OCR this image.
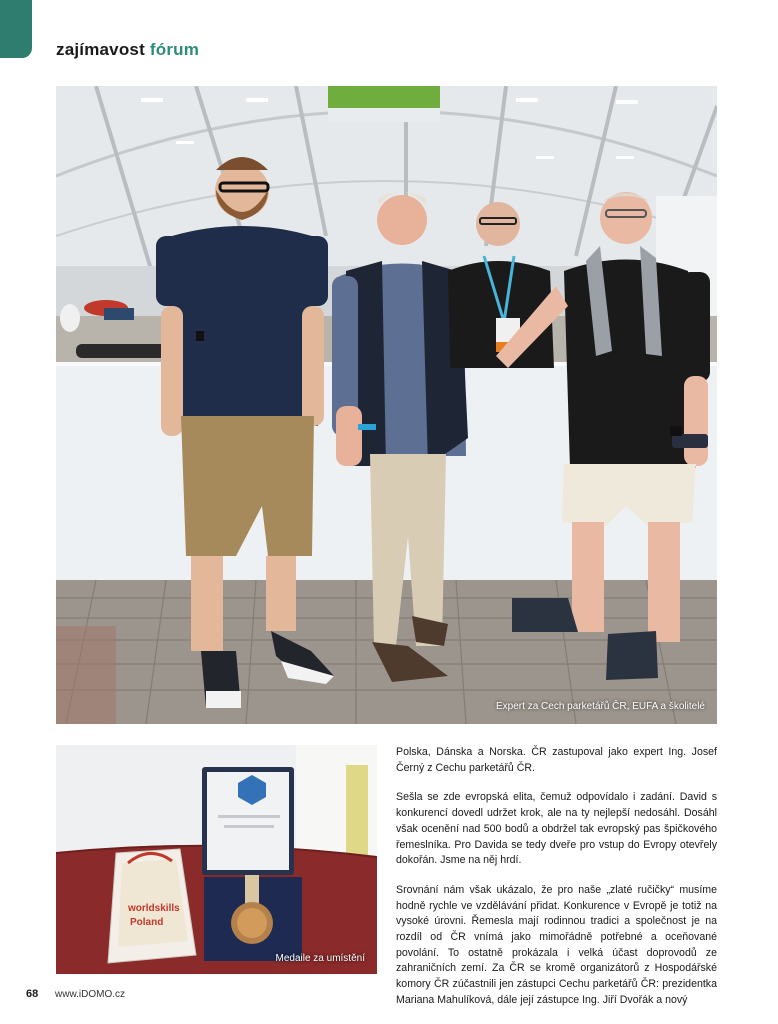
zajímavost fórum
Expert za Cech parketářů ČR, EUFA a školitelé
worldskills
Poland
Medaile za umístění

Polska, Dánska a Norska. ČR zastupoval jako expert Ing. Josef Černý z Cechu parketářů ČR.

Sešla se zde evropská elita, čemuž odpovídalo i zadání. David s konkurencí dovedl udržet krok, ale na ty nejlepší nedosáhl. Dosáhl však ocenění nad 500 bodů a obdržel tak evropský pas špičkového řemeslníka. Pro Davida se tedy dveře pro vstup do Evropy otevřely dokořán. Jsme na něj hrdí.

Srovnání nám však ukázalo, že pro naše „zlaté ručičky“ musíme hodně rychle ve vzdělávání přidat. Konkurence v Evropě je totiž na vysoké úrovni. Řemesla mají rodinnou tradici a společnost je na rozdíl od ČR vnímá jako mimořádně potřebné a oceňované povolání. To ostatně prokázala i velká účast doprovodů ze zahraničních zemí. Za ČR se kromě organizátorů z Hospodářské komory ČR zúčastnili jen zástupci Cechu parketářů ČR: prezidentka Mariana Mahulíková, dále její zástupce Ing. Jiří Dvořák a nový

68 www.iDOMO.cz
